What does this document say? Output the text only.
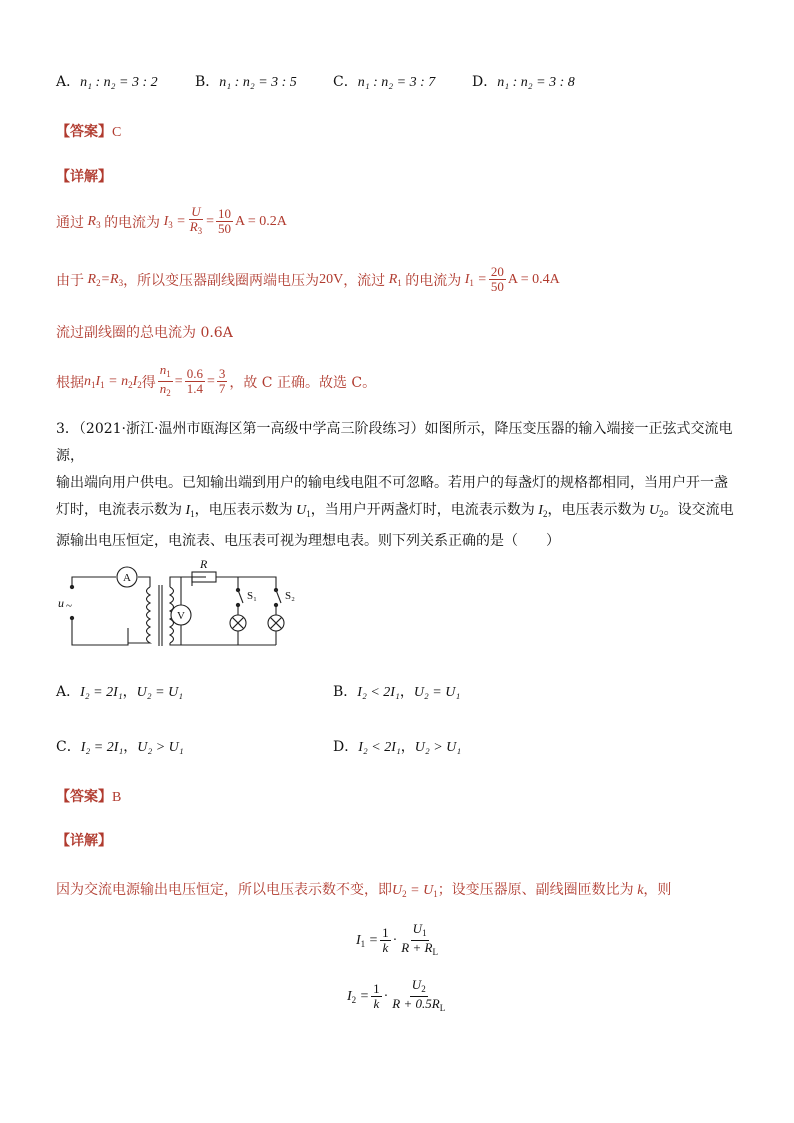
A．n₁ : n₂ = 3 : 2	B．n₁ : n₂ = 3 : 5	C．n₁ : n₂ = 3 : 7	D．n₁ : n₂ = 3 : 8
【答案】C
【详解】
通过 $R_3$ 的电流为 $I_3 = \frac{U}{R_3} = \frac{10}{50}$ A = 0.2A
由于 $R_2=R_3$ ，所以变压器副线圈两端电压为 20V ，流过 $R_1$ 的电流为 $I_1 = \frac{20}{50}$ A = 0.4A
流过副线圈的总电流为 0.6A
根据 $n_1I_1 = n_2I_2$ 得 $\frac{n_1}{n_2} = \frac{0.6}{1.4} = \frac{3}{7}$ ，故 C 正确。故选 C。
3．（2021·浙江·温州市瓯海区第一高级中学高三阶段练习）如图所示，降压变压器的输入端接一正弦式交流电源，
输出端向用户供电。已知输出端到用户的输电线电阻不可忽略。若用户的每盏灯的规格都相同，当用户开一盏
灯时，电流表示数为 $I_1$，电压表示数为 $U_1$，当用户开两盏灯时，电流表示数为 $I_2$，电压表示数为 $U_2$。设交流电
源输出电压恒定，电流表、电压表可视为理想电表。则下列关系正确的是（　　）
u ~
A
V
R
S₁	S₂
A．I₂ = 2I₁，U₂ = U₁	B．I₂ < 2I₁，U₂ = U₁
C．I₂ = 2I₁，U₂ > U₁	D．I₂ < 2I₁，U₂ > U₁
【答案】B
【详解】
因为交流电源输出电压恒定，所以电压表示数不变，即$U_2 = U_1$；设变压器原、副线圈匝数比为 k，则
$I_1 = \frac{1}{k} \cdot \frac{U_1}{R + R_L}$
$I_2 = \frac{1}{k} \cdot \frac{U_2}{R + 0.5R_L}$
